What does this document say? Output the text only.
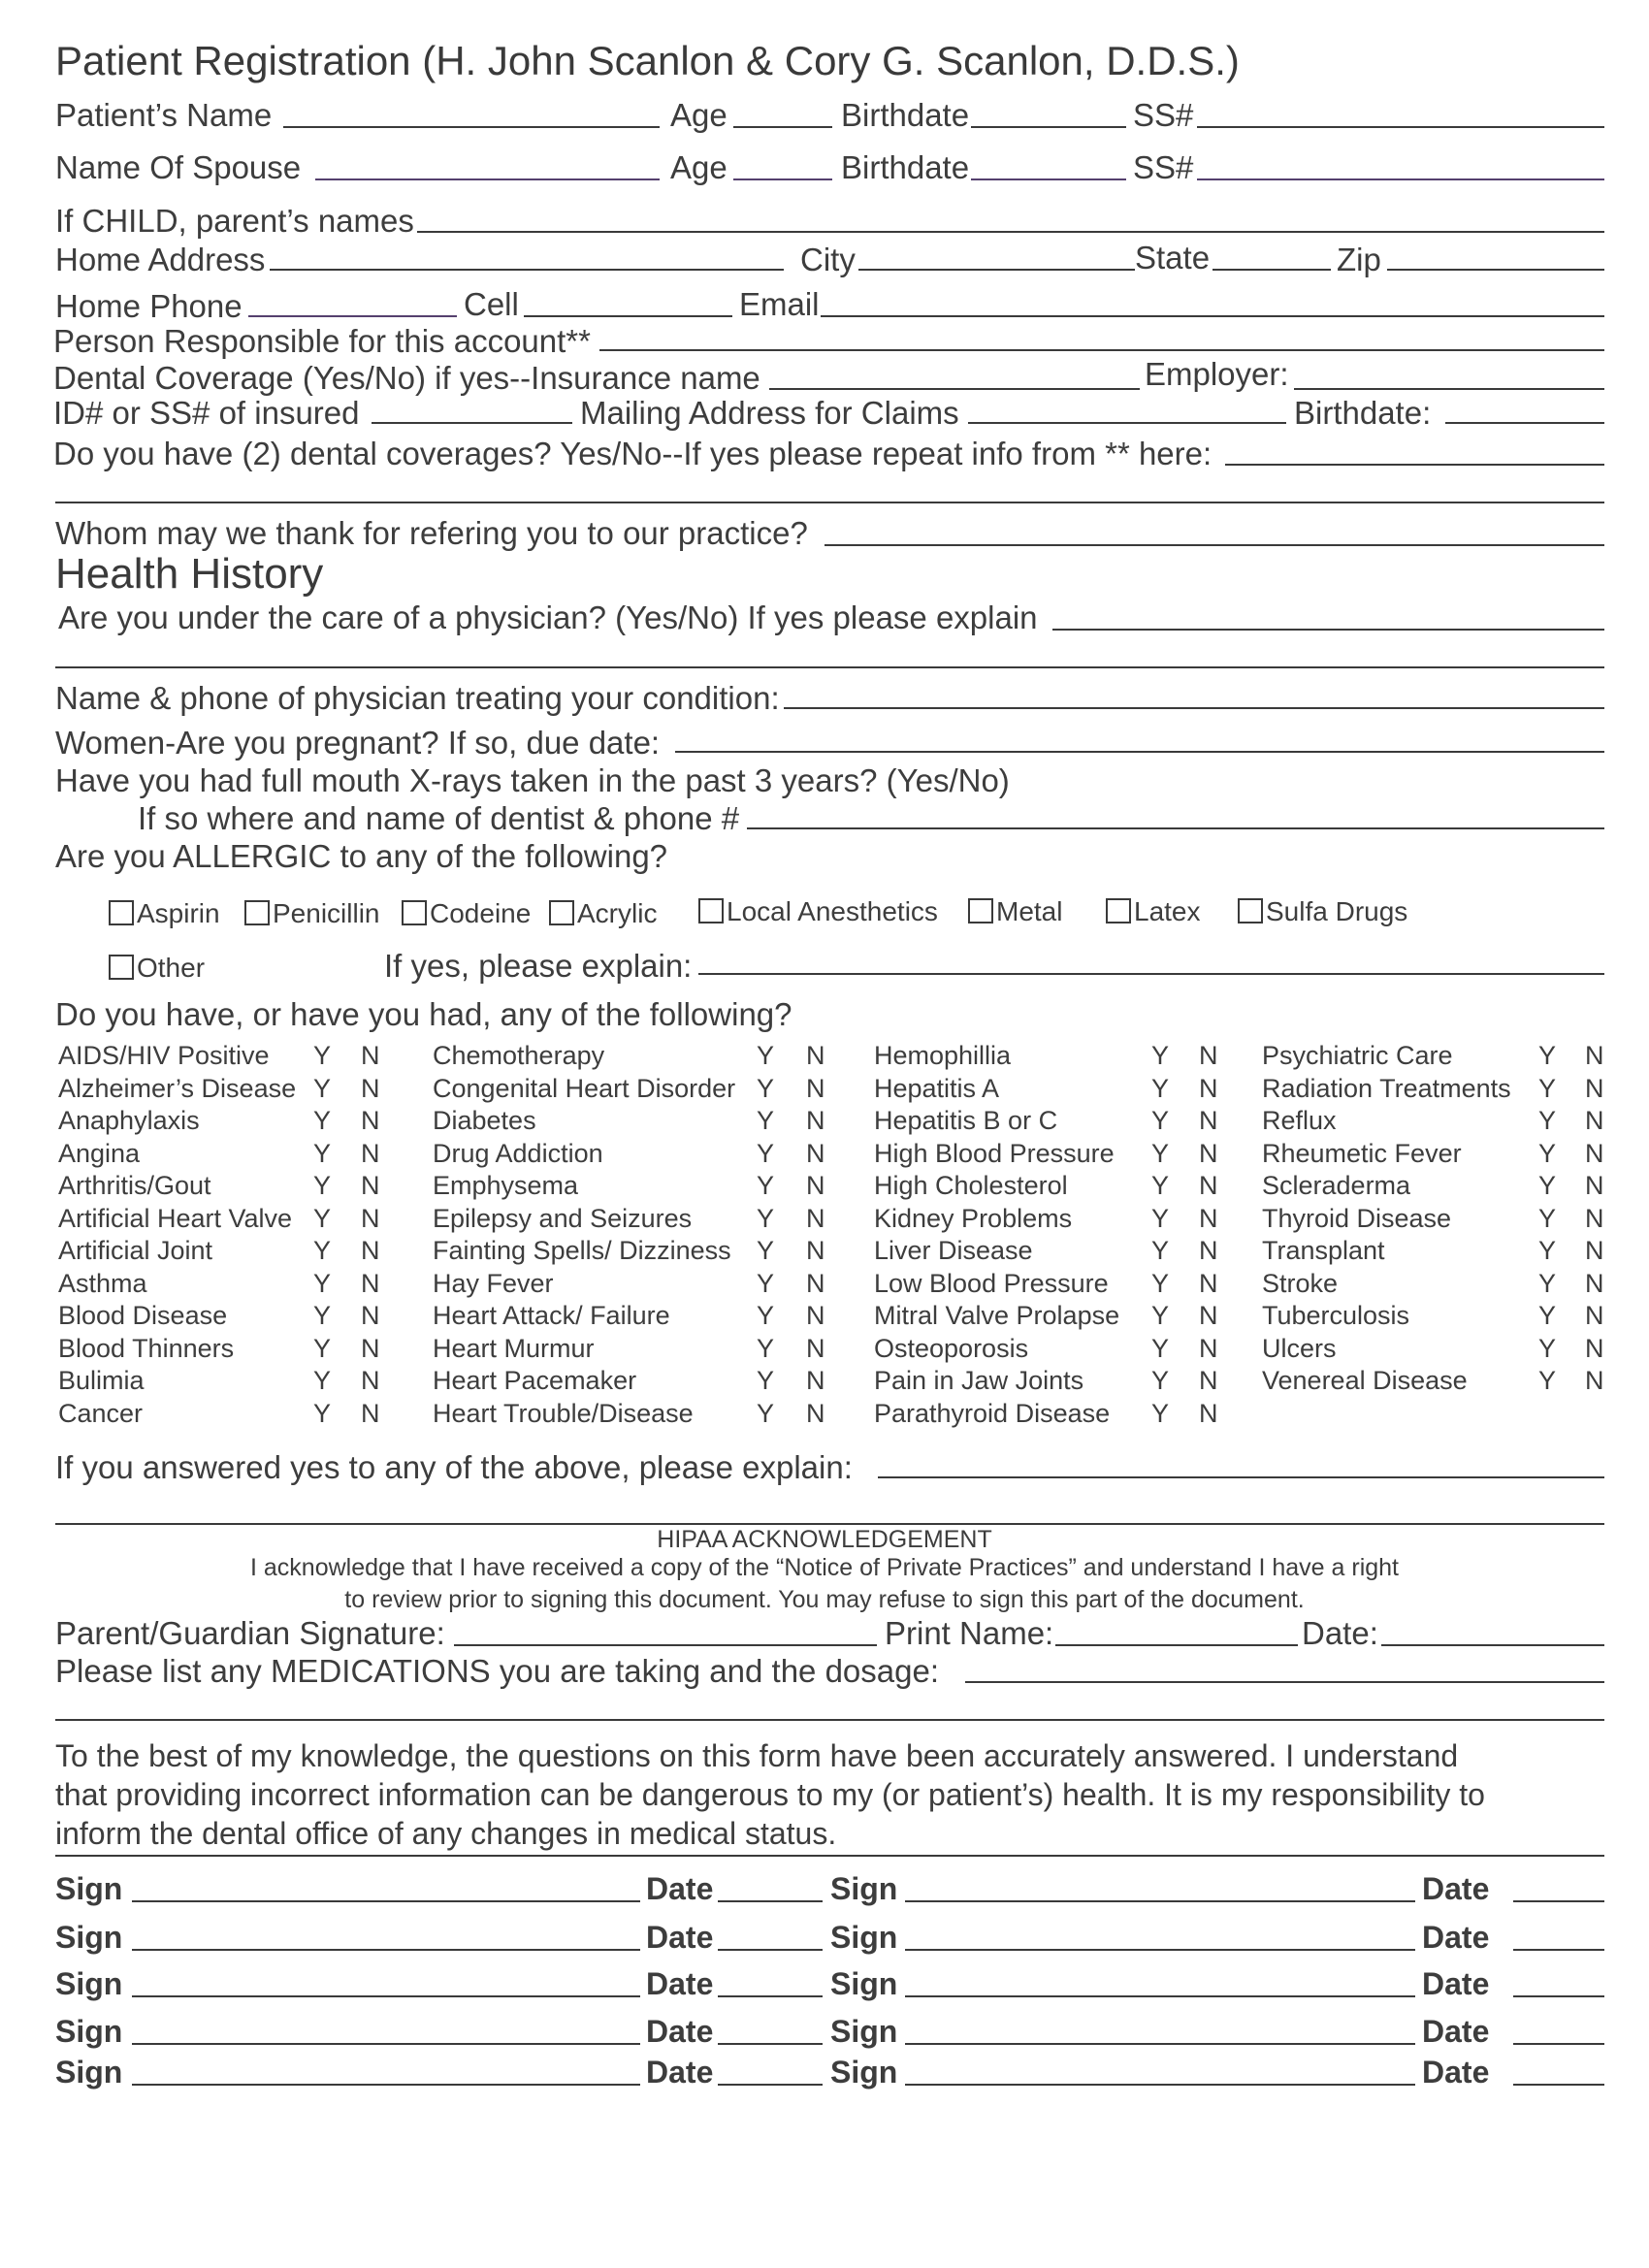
Patient Registration (H. John Scanlon & Cory G. Scanlon, D.D.S.)
Patient’s Name	Age	Birthdate	SS#
Name Of Spouse	Age	Birthdate	SS#
If CHILD, parent’s names
Home Address	City	State	Zip
Home Phone	Cell	Email
Person Responsible for this account**
Dental Coverage (Yes/No) if yes--Insurance name	Employer:
ID# or SS# of insured	Mailing Address for Claims	Birthdate:
Do you have (2) dental coverages? Yes/No--If yes please repeat info from ** here:
Whom may we thank for refering you to our practice?
Health History
Are you under the care of a physician? (Yes/No) If yes please explain
Name & phone of physician treating your condition:
Women-Are you pregnant? If so, due date:
Have you had full mouth X-rays taken in the past 3 years? (Yes/No)
If so where and name of dentist & phone #
Are you ALLERGIC to any of the following?
Aspirin	Penicillin	Codeine	Acrylic	Local Anesthetics	Metal	Latex	Sulfa Drugs
Other	If yes, please explain:
Do you have, or have you had, any of the following?
AIDS/HIV Positive Y N
Alzheimer’s Disease Y N
Anaphylaxis	Y N
Angina	Y N
Arthritis/Gout	Y N
Artificial Heart Valve Y N
Artificial Joint	Y N
Asthma	Y N
Blood Disease	Y N
Blood Thinners	Y N
Bulimia	Y N
Cancer	Y N
Chemotherapy	Y N
Congenital Heart Disorder Y N
Diabetes	Y N
Drug Addiction	Y N
Emphysema	Y N
Epilepsy and Seizures Y N
Fainting Spells/ Dizziness Y N
Hay Fever	Y N
Heart Attack/ Failure	Y N
Heart Murmur	Y N
Heart Pacemaker	Y N
Heart Trouble/Disease Y N
Hemophillia	Y N
Hepatitis A	Y N
Hepatitis B or C	Y N
High Blood Pressure Y N
High Cholesterol	Y N
Kidney Problems	Y N
Liver Disease	Y N
Low Blood Pressure Y N
Mitral Valve Prolapse Y N
Osteoporosis	Y N
Pain in Jaw Joints	Y N
Parathyroid Disease Y N
Psychiatric Care	Y N
Radiation Treatments Y N
Reflux	Y N
Rheumetic Fever	Y N
Scleraderma	Y N
Thyroid Disease	Y N
Transplant	Y N
Stroke	Y N
Tuberculosis	Y N
Ulcers	Y N
Venereal Disease	Y N
If you answered yes to any of the above, please explain:
HIPAA ACKNOWLEDGEMENT
I acknowledge that I have received a copy of the “Notice of Private Practices” and understand I have a right
to review prior to signing this document. You may refuse to sign this part of the document.
Parent/Guardian Signature:	Print Name:	Date:
Please list any MEDICATIONS you are taking and the dosage:
To the best of my knowledge, the questions on this form have been accurately answered. I understand
that providing incorrect information can be dangerous to my (or patient’s) health. It is my responsibility to
inform the dental office of any changes in medical status.
Sign	Date	Sign	Date
Sign	Date	Sign	Date
Sign	Date	Sign	Date
Sign	Date	Sign	Date
Sign	Date	Sign	Date
